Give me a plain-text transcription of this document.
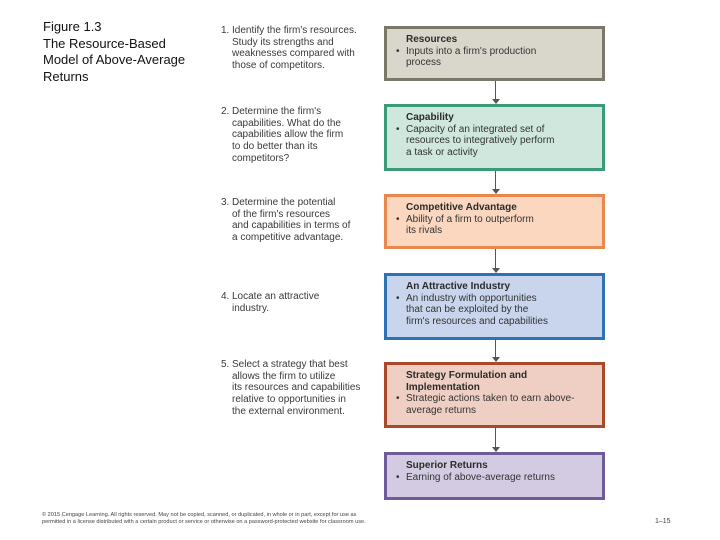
Figure 1.3
The Resource-Based
Model of Above-Average
Returns
1. Identify the firm's resources.
Study its strengths and
weaknesses compared with
those of competitors.
2. Determine the firm's
capabilities. What do the
capabilities allow the firm
to do better than its
competitors?
3. Determine the potential
of the firm's resources
and capabilities in terms of
a competitive advantage.
4. Locate an attractive
industry.
5. Select a strategy that best
allows the firm to utilize
its resources and capabilities
relative to opportunities in
the external environment.
Resources
• Inputs into a firm's production
process
Capability
• Capacity of an integrated set of
resources to integratively perform
a task or activity
Competitive Advantage
• Ability of a firm to outperform
its rivals
An Attractive Industry
• An industry with opportunities
that can be exploited by the
firm's resources and capabilities
Strategy Formulation and
Implementation
• Strategic actions taken to earn above-
average returns
Superior Returns
• Earning of above-average returns
© 2015 Cengage Learning. All rights reserved. May not be copied, scanned, or duplicated, in whole or in part, except for use as
permitted in a license distributed with a certain product or service or otherwise on a password-protected website for classroom use.	1–15
